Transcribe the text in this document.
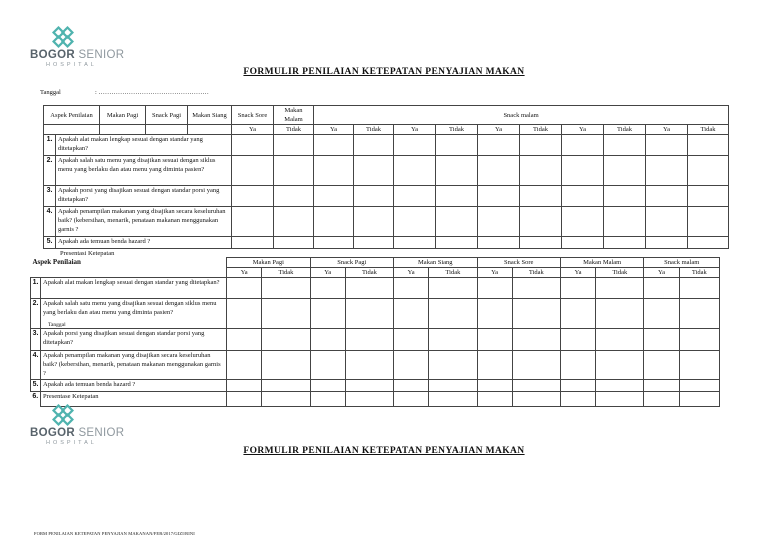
BOGOR SENIOR
HOSPITAL
FORMULIR PENILAIAN KETEPATAN PENYAJIAN MAKAN
Tanggal	: ……………………………………………
Aspek Penilaian		Makan Pagi	Snack Pagi	Makan Siang	Snack Sore	Makan Malam	Snack malam									
					Ya	Tidak	Ya	Tidak	Ya	Tidak	Ya	Tidak	Ya	Tidak	Ya	Tidak
1.	Apakah alat makan lengkap sesuai dengan standar yang ditetapkan?															
2.	Apakah salah satu menu yang disajikan sesuai dengan siklus menu yang berlaku dan atau menu yang diminta pasien?															
3.	Apakah porsi yang disajikan sesuai dengan standar porsi yang ditetapkan?															
4.	Apakah penampilan makanan yang disajikan secara keseluruhan baik? (kebersihan, menarik, penataan makanan menggunakan garnis ?															
5.	Apakah ada temuan benda hazard ?															
Presentasi Ketepatan
Aspek Penilaian		Makan Pagi		Snack Pagi		Makan Siang		Snack Sore		Makan Malam		Snack malam	
		Ya	Tidak	Ya	Tidak	Ya	Tidak	Ya	Tidak	Ya	Tidak	Ya	Tidak
1.	Apakah alat makan lengkap sesuai dengan standar yang ditetapkan?												
2.	Apakah salah satu menu yang disajikan sesuai dengan siklus menu yang berlaku dan atau menu yang diminta pasien?												
3.	Apakah porsi yang disajikan sesuai dengan standar porsi yang ditetapkan?												
4.	Apakah penampilan makanan yang disajikan secara keseluruhan baik? (kebersihan, menarik, penataan makanan menggunakan garnis ?												
5.	Apakah ada temuan benda hazard ?												
6.	Presentase Ketepatan												
Tanggal
BOGOR SENIOR
HOSPITAL
FORMULIR PENILAIAN KETEPATAN PENYAJIAN MAKAN
FORM PENILAIAN KETEPATAN PENYAJIAN MAKANAN/FEB/2017/GIZI/RINI
